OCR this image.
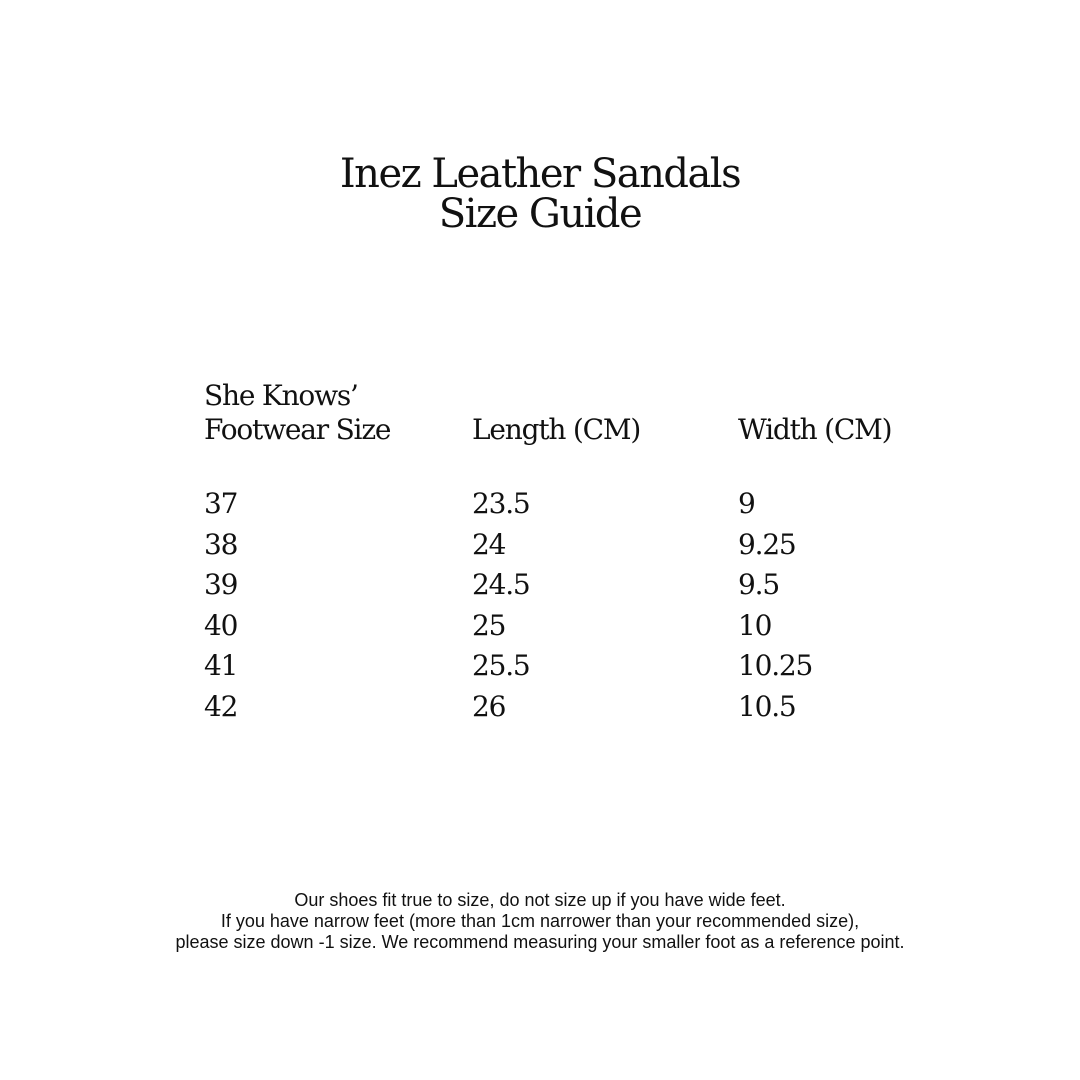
Inez Leather Sandals
Size Guide
She Knows’
Footwear Size	Length (CM)	Width (CM)
37	23.5	9
38	24	9.25
39	24.5	9.5
40	25	10
41	25.5	10.25
42	26	10.5
Our shoes fit true to size, do not size up if you have wide feet.
If you have narrow feet (more than 1cm narrower than your recommended size),
please size down -1 size. We recommend measuring your smaller foot as a reference point.
